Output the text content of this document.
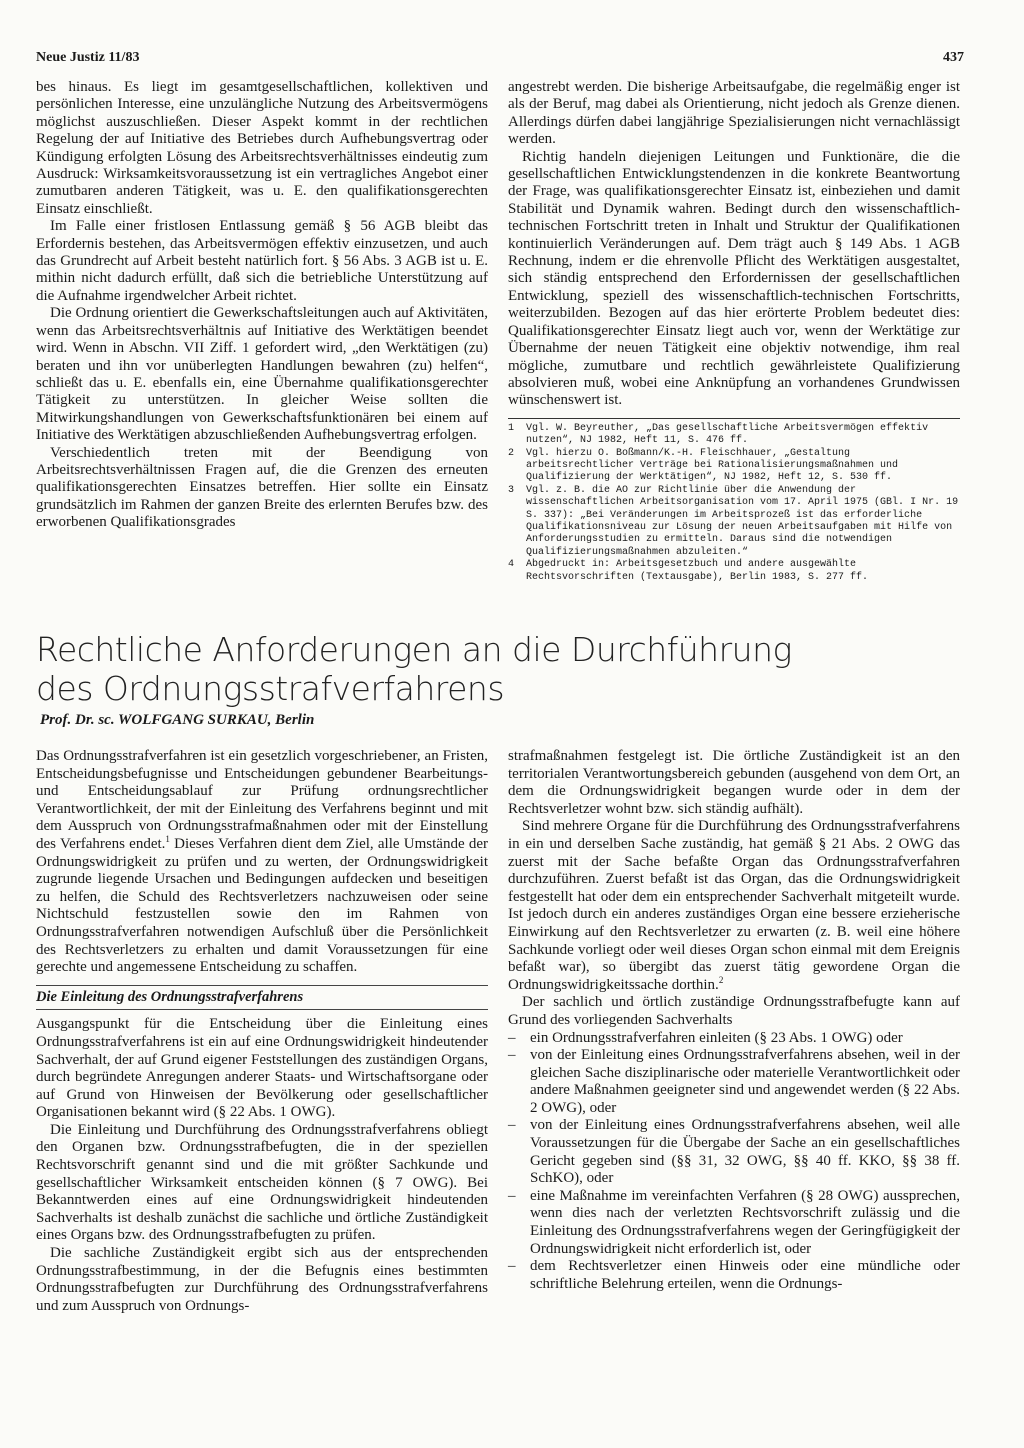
Neue Justiz 11/83	437

bes hinaus. Es liegt im gesamtgesellschaftlichen, kollektiven und persönlichen Interesse, eine unzulängliche Nutzung des Arbeitsvermögens möglichst auszuschließen. Dieser Aspekt kommt in der rechtlichen Regelung der auf Initiative des Betriebes durch Aufhebungsvertrag oder Kündigung erfolgten Lösung des Arbeitsrechtsverhältnisses eindeutig zum Ausdruck: Wirksamkeitsvoraussetzung ist ein vertragliches Angebot einer zumutbaren anderen Tätigkeit, was u. E. den qualifikationsgerechten Einsatz einschließt.

Im Falle einer fristlosen Entlassung gemäß § 56 AGB bleibt das Erfordernis bestehen, das Arbeitsvermögen effektiv einzusetzen, und auch das Grundrecht auf Arbeit besteht natürlich fort. § 56 Abs. 3 AGB ist u. E. mithin nicht dadurch erfüllt, daß sich die betriebliche Unterstützung auf die Aufnahme irgendwelcher Arbeit richtet.

Die Ordnung orientiert die Gewerkschaftsleitungen auch auf Aktivitäten, wenn das Arbeitsrechtsverhältnis auf Initiative des Werktätigen beendet wird. Wenn in Abschn. VII Ziff. 1 gefordert wird, „den Werktätigen (zu) beraten und ihn vor unüberlegten Handlungen bewahren (zu) helfen“, schließt das u. E. ebenfalls ein, eine Übernahme qualifikationsgerechter Tätigkeit zu unterstützen. In gleicher Weise sollten die Mitwirkungshandlungen von Gewerkschaftsfunktionären bei einem auf Initiative des Werktätigen abzuschließenden Aufhebungsvertrag erfolgen.

Verschiedentlich treten mit der Beendigung von Arbeitsrechtsverhältnissen Fragen auf, die die Grenzen des erneuten qualifikationsgerechten Einsatzes betreffen. Hier sollte ein Einsatz grundsätzlich im Rahmen der ganzen Breite des erlernten Berufes bzw. des erworbenen Qualifikationsgrades

angestrebt werden. Die bisherige Arbeitsaufgabe, die regelmäßig enger ist als der Beruf, mag dabei als Orientierung, nicht jedoch als Grenze dienen. Allerdings dürfen dabei langjährige Spezialisierungen nicht vernachlässigt werden.

Richtig handeln diejenigen Leitungen und Funktionäre, die die gesellschaftlichen Entwicklungstendenzen in die konkrete Beantwortung der Frage, was qualifikationsgerechter Einsatz ist, einbeziehen und damit Stabilität und Dynamik wahren. Bedingt durch den wissenschaftlich-technischen Fortschritt treten in Inhalt und Struktur der Qualifikationen kontinuierlich Veränderungen auf. Dem trägt auch § 149 Abs. 1 AGB Rechnung, indem er die ehrenvolle Pflicht des Werktätigen ausgestaltet, sich ständig entsprechend den Erfordernissen der gesellschaftlichen Entwicklung, speziell des wissenschaftlich-technischen Fortschritts, weiterzubilden. Bezogen auf das hier erörterte Problem bedeutet dies: Qualifikationsgerechter Einsatz liegt auch vor, wenn der Werktätige zur Übernahme der neuen Tätigkeit eine objektiv notwendige, ihm real mögliche, zumutbare und rechtlich gewährleistete Qualifizierung absolvieren muß, wobei eine Anknüpfung an vorhandenes Grundwissen wünschenswert ist.

1	Vgl. W. Beyreuther, „Das gesellschaftliche Arbeitsvermögen effektiv nutzen“, NJ 1982, Heft 11, S. 476 ff.
2	Vgl. hierzu O. Boßmann/K.-H. Fleischhauer, „Gestaltung arbeitsrechtlicher Verträge bei Rationalisierungsmaßnahmen und Qualifizierung der Werktätigen“, NJ 1982, Heft 12, S. 530 ff.
3	Vgl. z. B. die AO zur Richtlinie über die Anwendung der wissenschaftlichen Arbeitsorganisation vom 17. April 1975 (GBl. I Nr. 19 S. 337): „Bei Veränderungen im Arbeitsprozeß ist das erforderliche Qualifikationsniveau zur Lösung der neuen Arbeitsaufgaben mit Hilfe von Anforderungsstudien zu ermitteln. Daraus sind die notwendigen Qualifizierungsmaßnahmen abzuleiten.“
4	Abgedruckt in: Arbeitsgesetzbuch und andere ausgewählte Rechtsvorschriften (Textausgabe), Berlin 1983, S. 277 ff.
Rechtliche Anforderungen an die Durchführung
des Ordnungsstrafverfahrens
Prof. Dr. sc. WOLFGANG SURKAU, Berlin

Das Ordnungsstrafverfahren ist ein gesetzlich vorgeschriebener, an Fristen, Entscheidungsbefugnisse und Entscheidungen gebundener Bearbeitungs- und Entscheidungsablauf zur Prüfung ordnungsrechtlicher Verantwortlichkeit, der mit der Einleitung des Verfahrens beginnt und mit dem Ausspruch von Ordnungsstrafmaßnahmen oder mit der Einstellung des Verfahrens endet.$^1$ Dieses Verfahren dient dem Ziel, alle Umstände der Ordnungswidrigkeit zu prüfen und zu werten, der Ordnungswidrigkeit zugrunde liegende Ursachen und Bedingungen aufdecken und beseitigen zu helfen, die Schuld des Rechtsverletzers nachzuweisen oder seine Nichtschuld festzustellen sowie den im Rahmen von Ordnungsstrafverfahren notwendigen Aufschluß über die Persönlichkeit des Rechtsverletzers zu erhalten und damit Voraussetzungen für eine gerechte und angemessene Entscheidung zu schaffen.

Die Einleitung des Ordnungsstrafverfahrens

Ausgangspunkt für die Entscheidung über die Einleitung eines Ordnungsstrafverfahrens ist ein auf eine Ordnungswidrigkeit hindeutender Sachverhalt, der auf Grund eigener Feststellungen des zuständigen Organs, durch begründete Anregungen anderer Staats- und Wirtschaftsorgane oder auf Grund von Hinweisen der Bevölkerung oder gesellschaftlicher Organisationen bekannt wird (§ 22 Abs. 1 OWG).

Die Einleitung und Durchführung des Ordnungsstrafverfahrens obliegt den Organen bzw. Ordnungsstrafbefugten, die in der speziellen Rechtsvorschrift genannt sind und die mit größter Sachkunde und gesellschaftlicher Wirksamkeit entscheiden können (§ 7 OWG). Bei Bekanntwerden eines auf eine Ordnungswidrigkeit hindeutenden Sachverhalts ist deshalb zunächst die sachliche und örtliche Zuständigkeit eines Organs bzw. des Ordnungsstrafbefugten zu prüfen.

Die sachliche Zuständigkeit ergibt sich aus der entsprechenden Ordnungsstrafbestimmung, in der die Befugnis eines bestimmten Ordnungsstrafbefugten zur Durchführung des Ordnungsstrafverfahrens und zum Ausspruch von Ordnungs-

strafmaßnahmen festgelegt ist. Die örtliche Zuständigkeit ist an den territorialen Verantwortungsbereich gebunden (ausgehend von dem Ort, an dem die Ordnungswidrigkeit begangen wurde oder in dem der Rechtsverletzer wohnt bzw. sich ständig aufhält).

Sind mehrere Organe für die Durchführung des Ordnungsstrafverfahrens in ein und derselben Sache zuständig, hat gemäß § 21 Abs. 2 OWG das zuerst mit der Sache befaßte Organ das Ordnungsstrafverfahren durchzuführen. Zuerst befaßt ist das Organ, das die Ordnungswidrigkeit festgestellt hat oder dem ein entsprechender Sachverhalt mitgeteilt wurde. Ist jedoch durch ein anderes zuständiges Organ eine bessere erzieherische Einwirkung auf den Rechtsverletzer zu erwarten (z. B. weil eine höhere Sachkunde vorliegt oder weil dieses Organ schon einmal mit dem Ereignis befaßt war), so übergibt das zuerst tätig gewordene Organ die Ordnungswidrigkeitssache dorthin.$^2$

Der sachlich und örtlich zuständige Ordnungsstrafbefugte kann auf Grund des vorliegenden Sachverhalts

– ein Ordnungsstrafverfahren einleiten (§ 23 Abs. 1 OWG) oder
– von der Einleitung eines Ordnungsstrafverfahrens absehen, weil in der gleichen Sache disziplinarische oder materielle Verantwortlichkeit oder andere Maßnahmen geeigneter sind und angewendet werden (§ 22 Abs. 2 OWG), oder
– von der Einleitung eines Ordnungsstrafverfahrens absehen, weil alle Voraussetzungen für die Übergabe der Sache an ein gesellschaftliches Gericht gegeben sind (§§ 31, 32 OWG, §§ 40 ff. KKO, §§ 38 ff. SchKO), oder
– eine Maßnahme im vereinfachten Verfahren (§ 28 OWG) aussprechen, wenn dies nach der verletzten Rechtsvorschrift zulässig und die Einleitung des Ordnungsstrafverfahrens wegen der Geringfügigkeit der Ordnungswidrigkeit nicht erforderlich ist, oder
– dem Rechtsverletzer einen Hinweis oder eine mündliche oder schriftliche Belehrung erteilen, wenn die Ordnungs-
